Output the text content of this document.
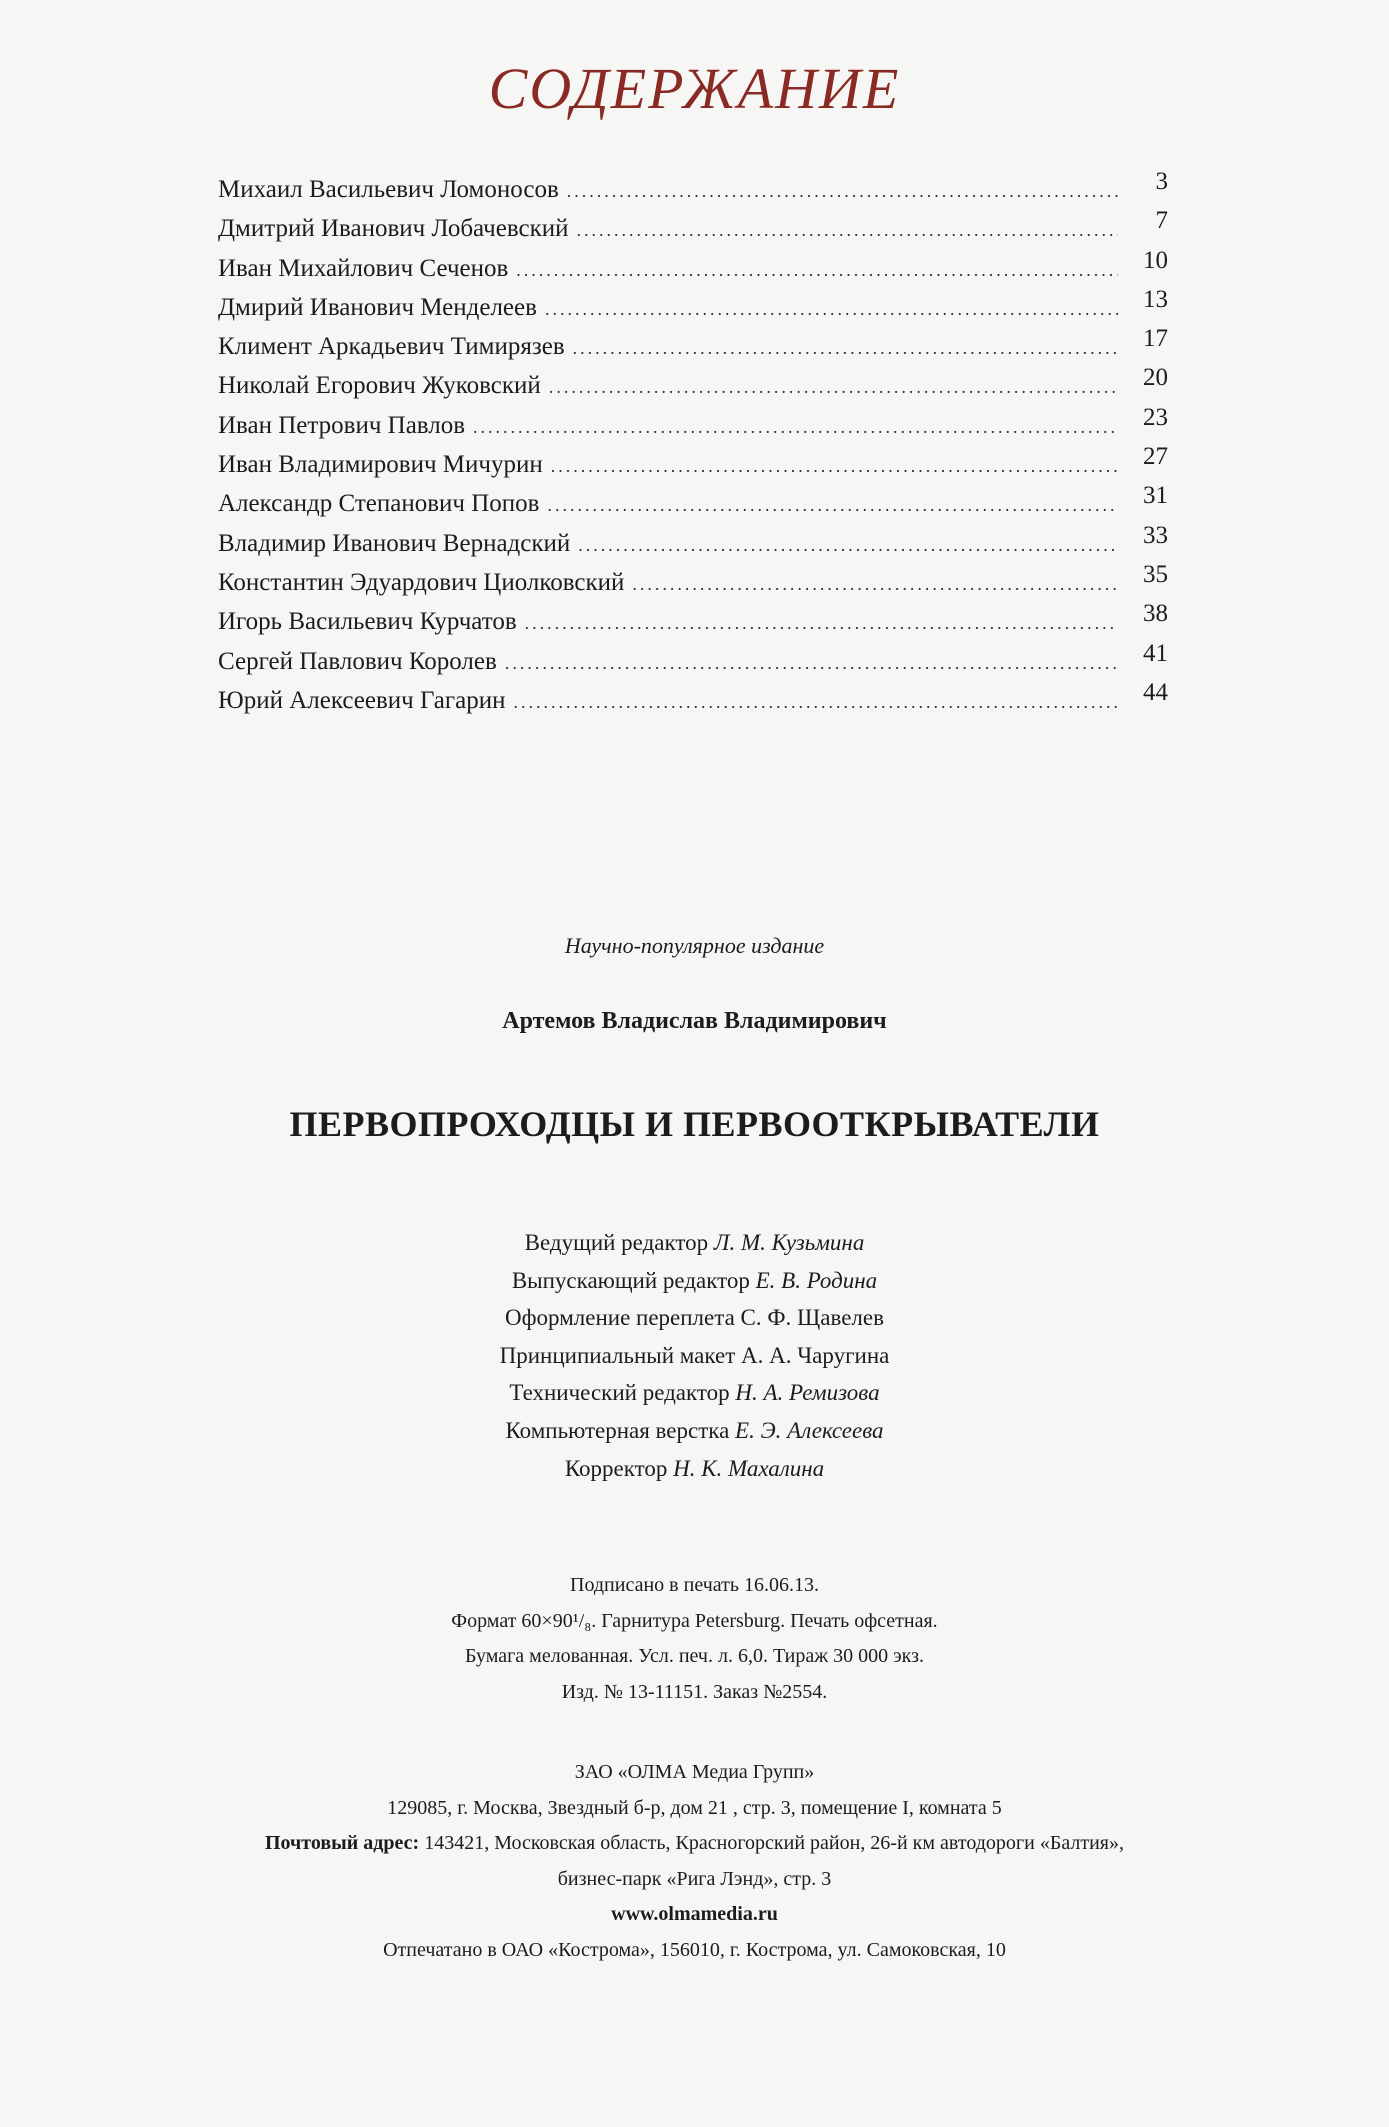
СОДЕРЖАНИЕ
Михаил Васильевич Ломоносов .....	3
Дмитрий Иванович Лобачевский .....	7
Иван Михайлович Сеченов .....	10
Дмирий Иванович Менделеев .....	13
Климент Аркадьевич Тимирязев .....	17
Николай Егорович Жуковский .....	20
Иван Петрович Павлов .....	23
Иван Владимирович Мичурин .....	27
Александр Степанович Попов .....	31
Владимир Иванович Вернадский .....	33
Константин Эдуардович Циолковский .....	35
Игорь Васильевич Курчатов .....	38
Сергей Павлович Королев .....	41
Юрий Алексеевич Гагарин .....	44
Научно-популярное издание
Артемов Владислав Владимирович
ПЕРВОПРОХОДЦЫ И ПЕРВООТКРЫВАТЕЛИ
Ведущий редактор Л. М. Кузьмина
Выпускающий редактор Е. В. Родина
Оформление переплета С. Ф. Щавелев
Принципиальный макет А. А. Чаругина
Технический редактор Н. А. Ремизова
Компьютерная верстка Е. Э. Алексеева
Корректор Н. К. Махалина
Подписано в печать 16.06.13.
Формат 60×90¹/₈. Гарнитура Petersburg. Печать офсетная.
Бумага мелованная. Усл. печ. л. 6,0. Тираж 30 000 экз.
Изд. № 13-11151. Заказ №2554.
ЗАО «ОЛМА Медиа Групп»
129085, г. Москва, Звездный б-р, дом 21 , стр. 3, помещение I, комната 5
Почтовый адрес: 143421, Московская область, Красногорский район, 26-й км автодороги «Балтия»,
бизнес-парк «Рига Лэнд», стр. 3
www.olmamedia.ru
Отпечатано в ОАО «Кострома», 156010, г. Кострома, ул. Самоковская, 10
